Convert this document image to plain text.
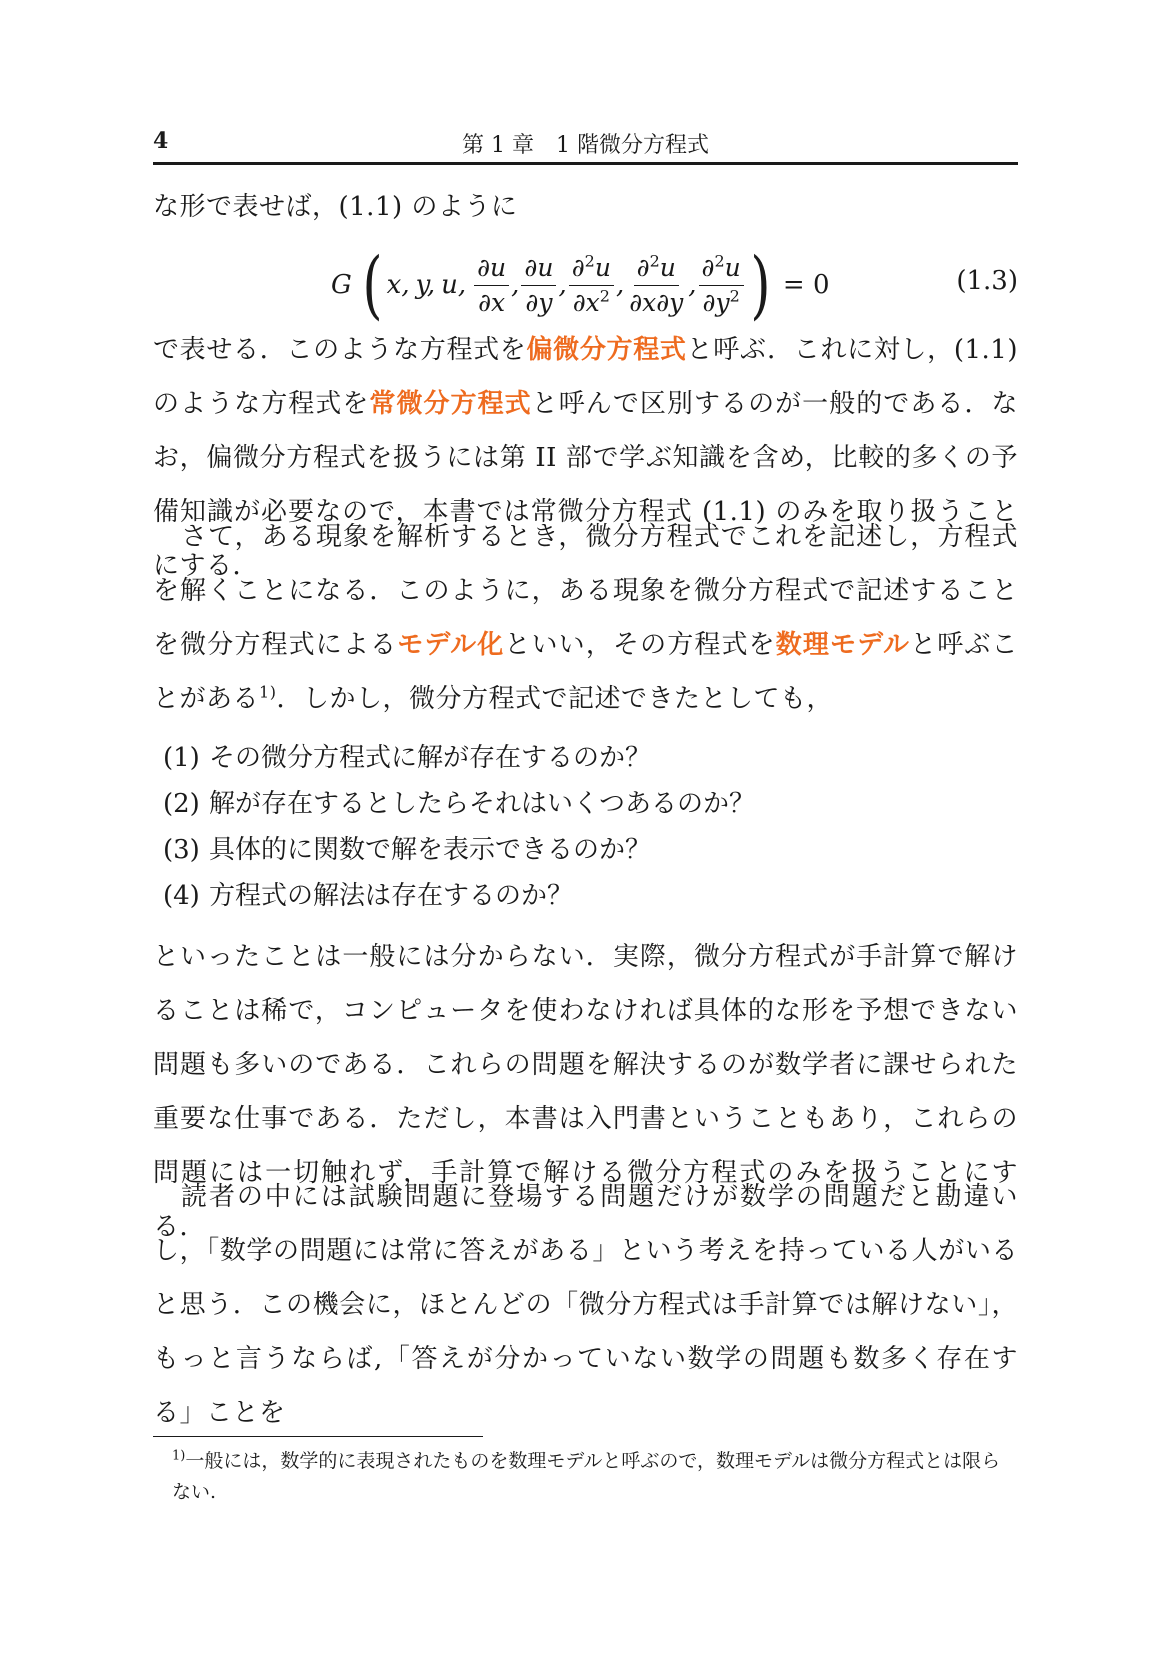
4	第 1 章　1 階微分方程式

な形で表せば，(1.1) のように

G ( x, y, u, $\frac{\partial u}{\partial x}$ , $\frac{\partial u}{\partial y}$ , $\frac{\partial^2u}{\partial x^2}$ , $\frac{\partial^2u}{\partial x\partial y}$ , $\frac{\partial^2u}{\partial y^2}$ ) = 0	(1.3)

で表せる．このような方程式を偏微分方程式と呼ぶ．これに対し，(1.1) のような方程式を常微分方程式と呼んで区別するのが一般的である．なお，偏微分方程式を扱うには第 II 部で学ぶ知識を含め，比較的多くの予備知識が必要なので，本書では常微分方程式 (1.1) のみを取り扱うことにする．

さて，ある現象を解析するとき，微分方程式でこれを記述し，方程式を解くことになる．このように，ある現象を微分方程式で記述することを微分方程式によるモデル化といい，その方程式を数理モデルと呼ぶことがある$^{1)}$．しかし，微分方程式で記述できたとしても，

(1) その微分方程式に解が存在するのか？
(2) 解が存在するとしたらそれはいくつあるのか？
(3) 具体的に関数で解を表示できるのか？
(4) 方程式の解法は存在するのか？

といったことは一般には分からない．実際，微分方程式が手計算で解けることは稀で，コンピュータを使わなければ具体的な形を予想できない問題も多いのである．これらの問題を解決するのが数学者に課せられた重要な仕事である．ただし，本書は入門書ということもあり，これらの問題には一切触れず，手計算で解ける微分方程式のみを扱うことにする．

読者の中には試験問題に登場する問題だけが数学の問題だと勘違いし，「数学の問題には常に答えがある」という考えを持っている人がいると思う．この機会に，ほとんどの「微分方程式は手計算では解けない」，もっと言うならば,「答えが分かっていない数学の問題も数多く存在する」ことを

$^{1)}$一般には，数学的に表現されたものを数理モデルと呼ぶので，数理モデルは微分方程式とは限らない.
